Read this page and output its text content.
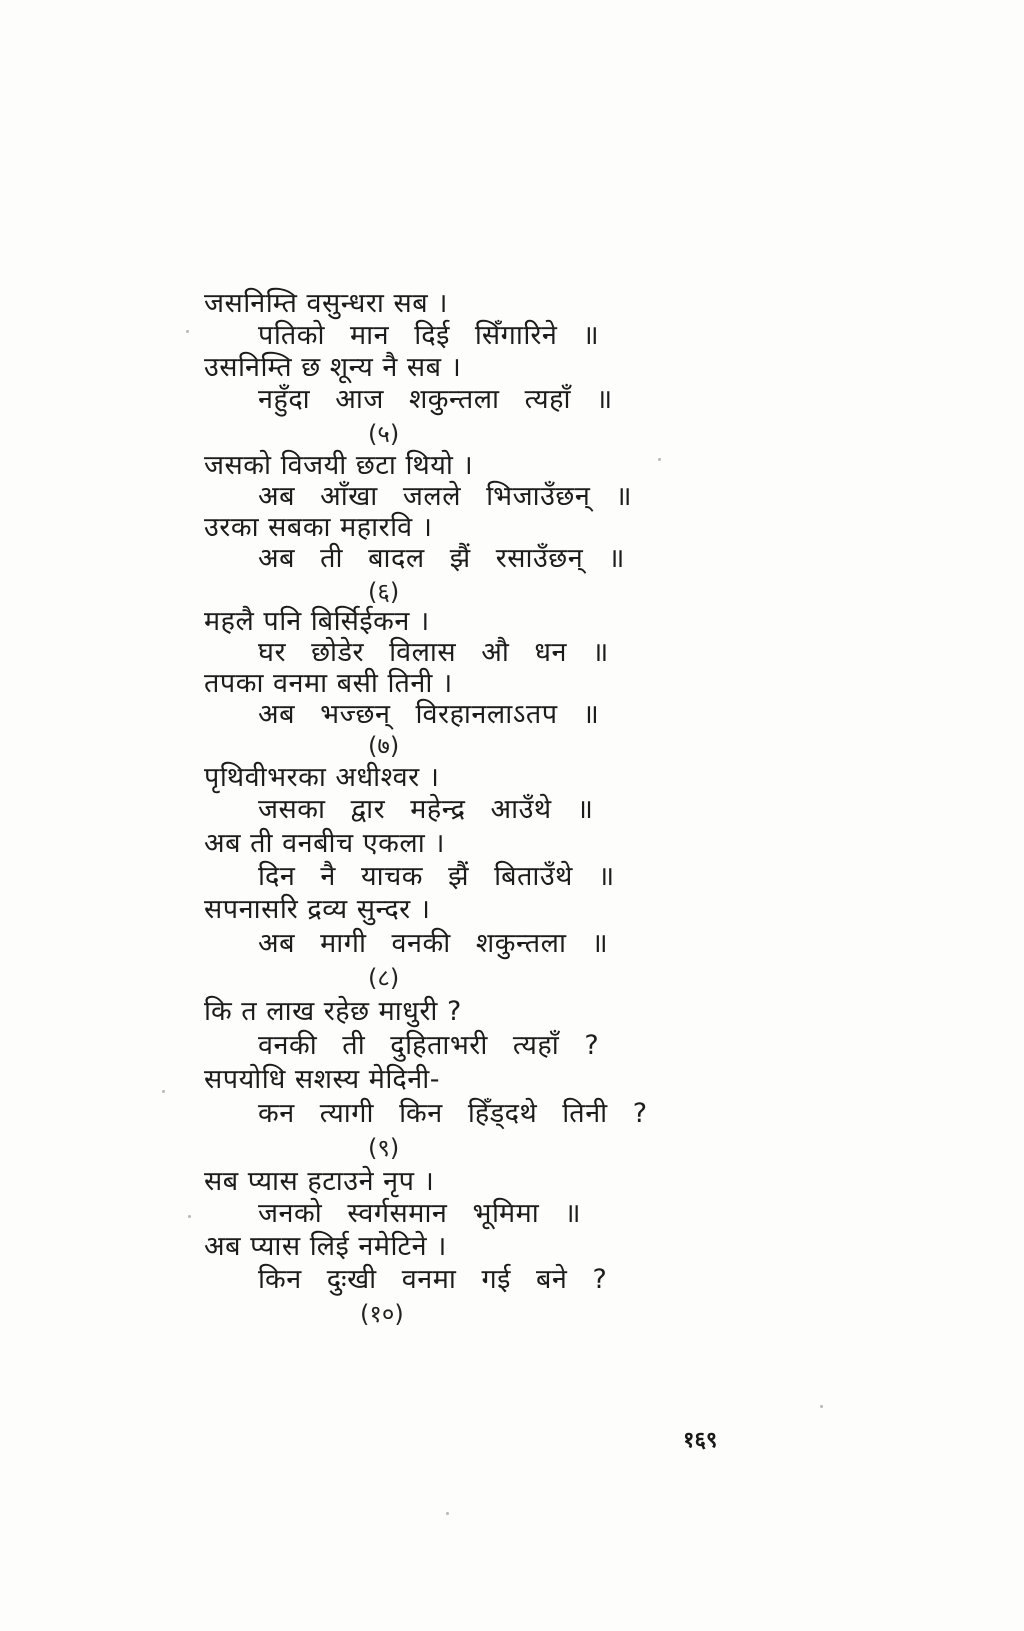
जसनिम्ति वसुन्धरा सब ।
पतिको मान दिई सिँगारिने ॥
उसनिम्ति छ शून्य नै सब ।
नहुँदा आज शकुन्तला त्यहाँ ॥
(५)
जसको विजयी छटा थियो ।
अब आँखा जलले भिजाउँछन् ॥
उरका सबका महारवि ।
अब ती बादल झैं रसाउँछन् ॥
(६)
महलै पनि बिर्सिईकन ।
घर छोडेर विलास औ धन ॥
तपका वनमा बसी तिनी ।
अब भज्छन् विरहानलाऽतप ॥
(७)
पृथिवीभरका अधीश्वर ।
जसका द्वार महेन्द्र आउँथे ॥
अब ती वनबीच एकला ।
दिन नै याचक झैं बिताउँथे ॥
सपनासरि द्रव्य सुन्दर ।
अब मागी वनकी शकुन्तला ॥
(८)
कि त लाख रहेछ माधुरी ?
वनकी ती दुहिताभरी त्यहाँ ?
सपयोधि सशस्य मेदिनी-
कन त्यागी किन हिँड्दथे तिनी ?
(९)
सब प्यास हटाउने नृप ।
जनको स्वर्गसमान भूमिमा ॥
अब प्यास लिई नमेटिने ।
किन दुःखी वनमा गई बने ?
(१०)
१६९
